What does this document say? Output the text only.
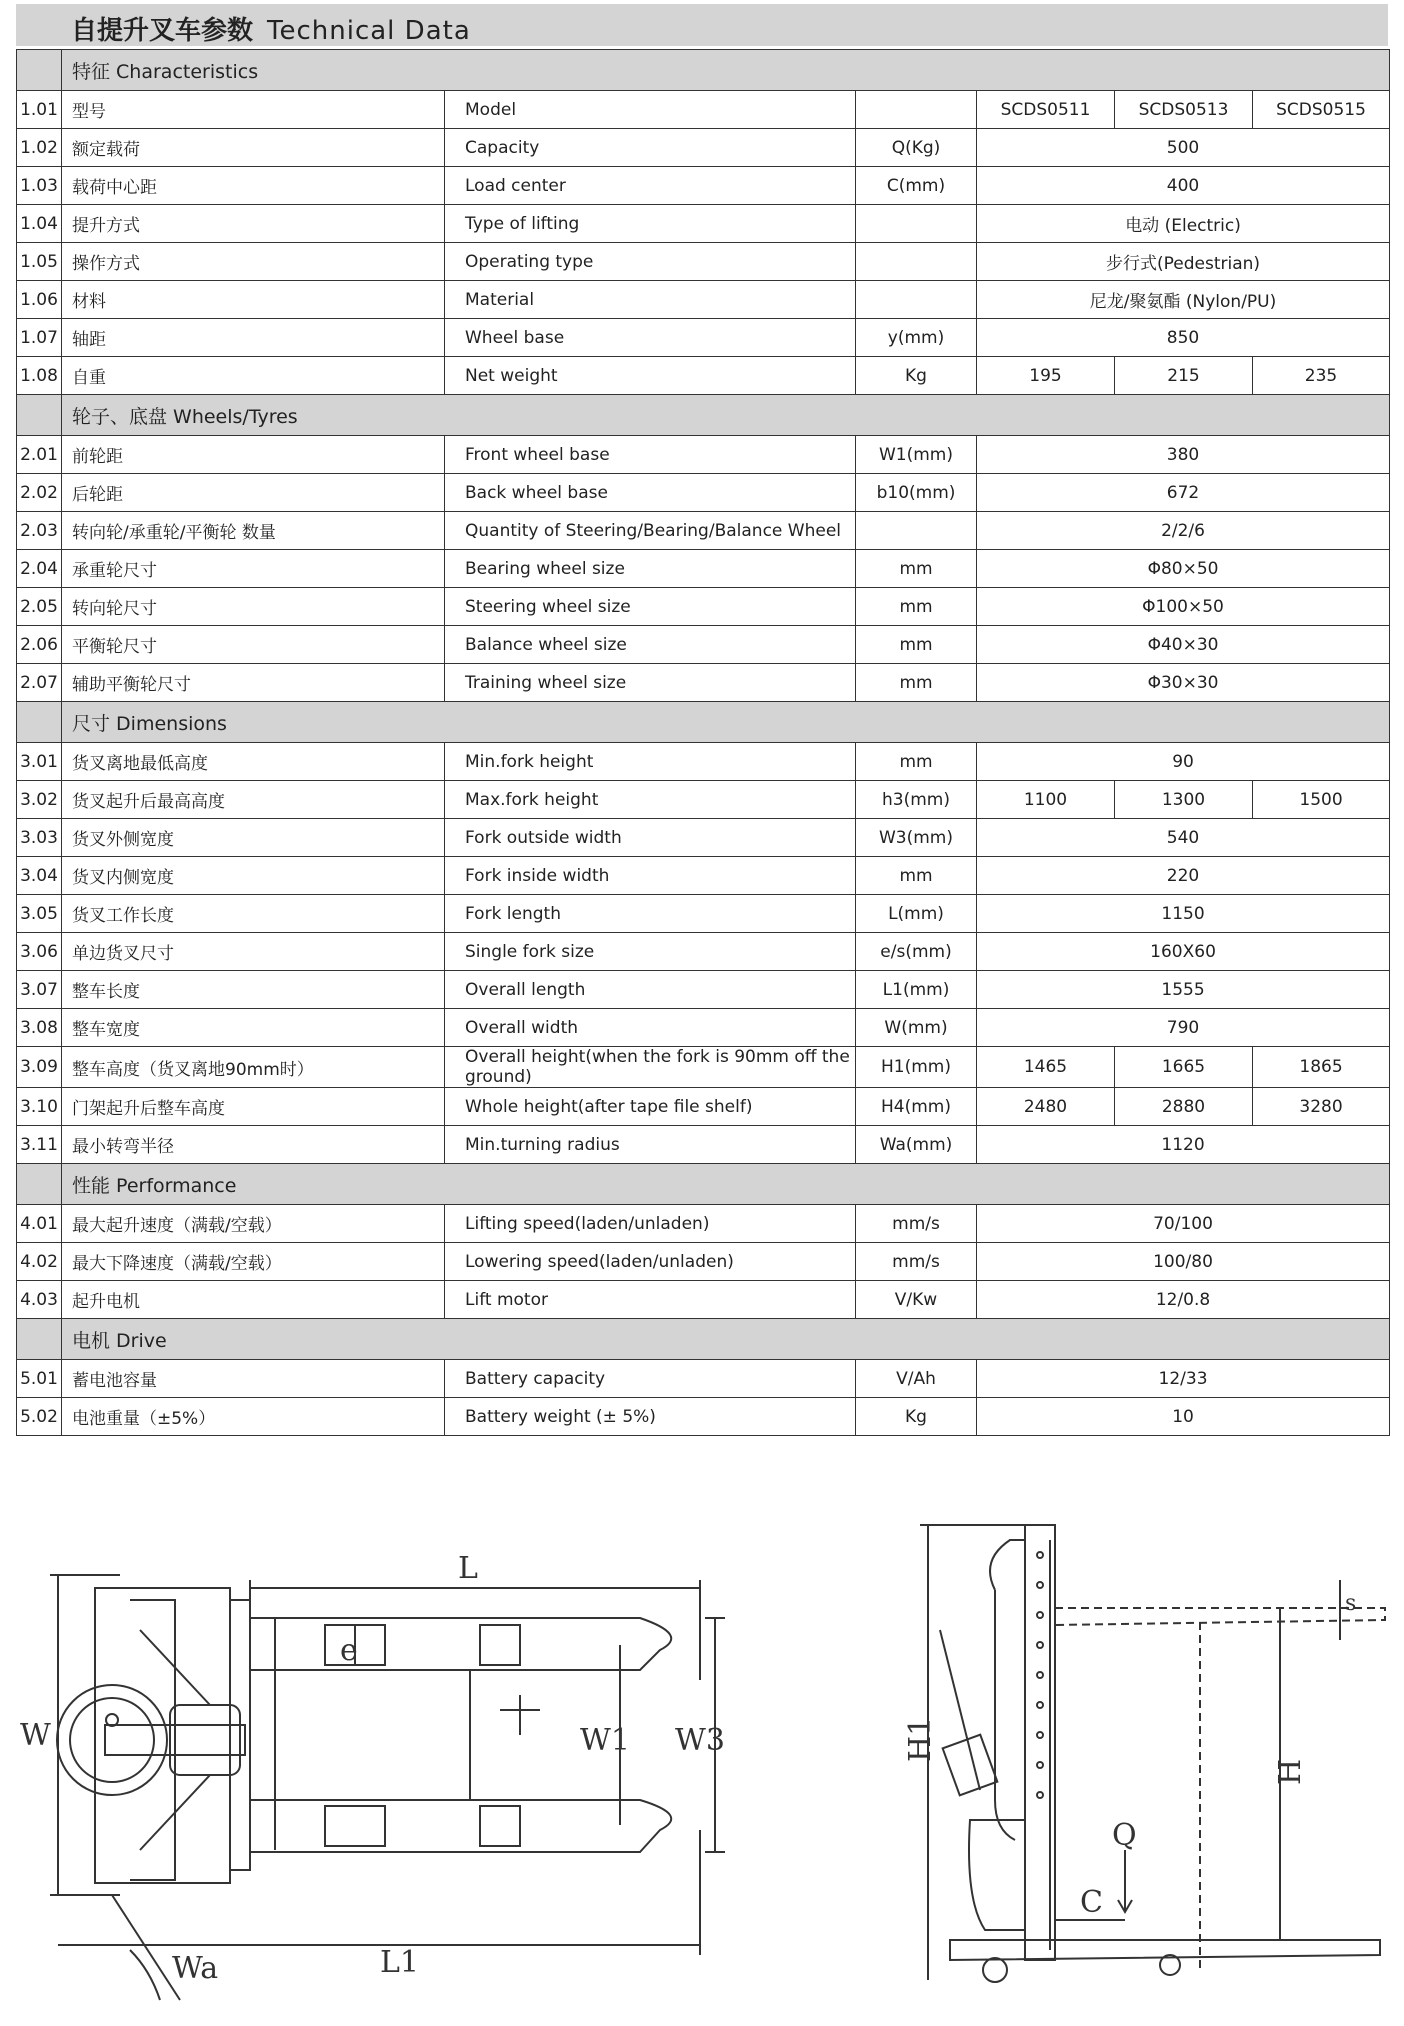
自提升叉车参数 Technical Data
	特征 Characteristics					
1.01	型号	Model		SCDS0511	SCDS0513	SCDS0515
1.02	额定载荷	Capacity	Q(Kg)	500		
1.03	载荷中心距	Load center	C(mm)	400		
1.04	提升方式	Type of lifting		电动 (Electric)		
1.05	操作方式	Operating type		步行式(Pedestrian)		
1.06	材料	Material		尼龙/聚氨酯 (Nylon/PU)		
1.07	轴距	Wheel base	y(mm)	850		
1.08	自重	Net weight	Kg	195	215	235
	轮子、底盘 Wheels/Tyres					
2.01	前轮距	Front wheel base	W1(mm)	380		
2.02	后轮距	Back wheel base	b10(mm)	672		
2.03	转向轮/承重轮/平衡轮 数量	Quantity of Steering/Bearing/Balance Wheel		2/2/6		
2.04	承重轮尺寸	Bearing wheel size	mm	Φ80×50		
2.05	转向轮尺寸	Steering wheel size	mm	Φ100×50		
2.06	平衡轮尺寸	Balance wheel size	mm	Φ40×30		
2.07	辅助平衡轮尺寸	Training wheel size	mm	Φ30×30		
	尺寸 Dimensions					
3.01	货叉离地最低高度	Min.fork height	mm	90		
3.02	货叉起升后最高高度	Max.fork height	h3(mm)	1100	1300	1500
3.03	货叉外侧宽度	Fork outside width	W3(mm)	540		
3.04	货叉内侧宽度	Fork inside width	mm	220		
3.05	货叉工作长度	Fork length	L(mm)	1150		
3.06	单边货叉尺寸	Single fork size	e/s(mm)	160X60		
3.07	整车长度	Overall length	L1(mm)	1555		
3.08	整车宽度	Overall width	W(mm)	790		
3.09	整车高度（货叉离地90mm时）	Overall height(when the fork is 90mm off the ground)	H1(mm)	1465	1665	1865
3.10	门架起升后整车高度	Whole height(after tape file shelf)	H4(mm)	2480	2880	3280
3.11	最小转弯半径	Min.turning radius	Wa(mm)	1120		
	性能 Performance					
4.01	最大起升速度（满载/空载）	Lifting speed(laden/unladen)	mm/s	70/100		
4.02	最大下降速度（满载/空载）	Lowering speed(laden/unladen)	mm/s	100/80		
4.03	起升电机	Lift motor	V/Kw	12/0.8		
	电机 Drive					
5.01	蓄电池容量	Battery capacity	V/Ah	12/33		
5.02	电池重量（±5%）	Battery weight (± 5%)	Kg	10		
L
W
e
W1 W3
L1
Wa
H1
H
Q
C
s
